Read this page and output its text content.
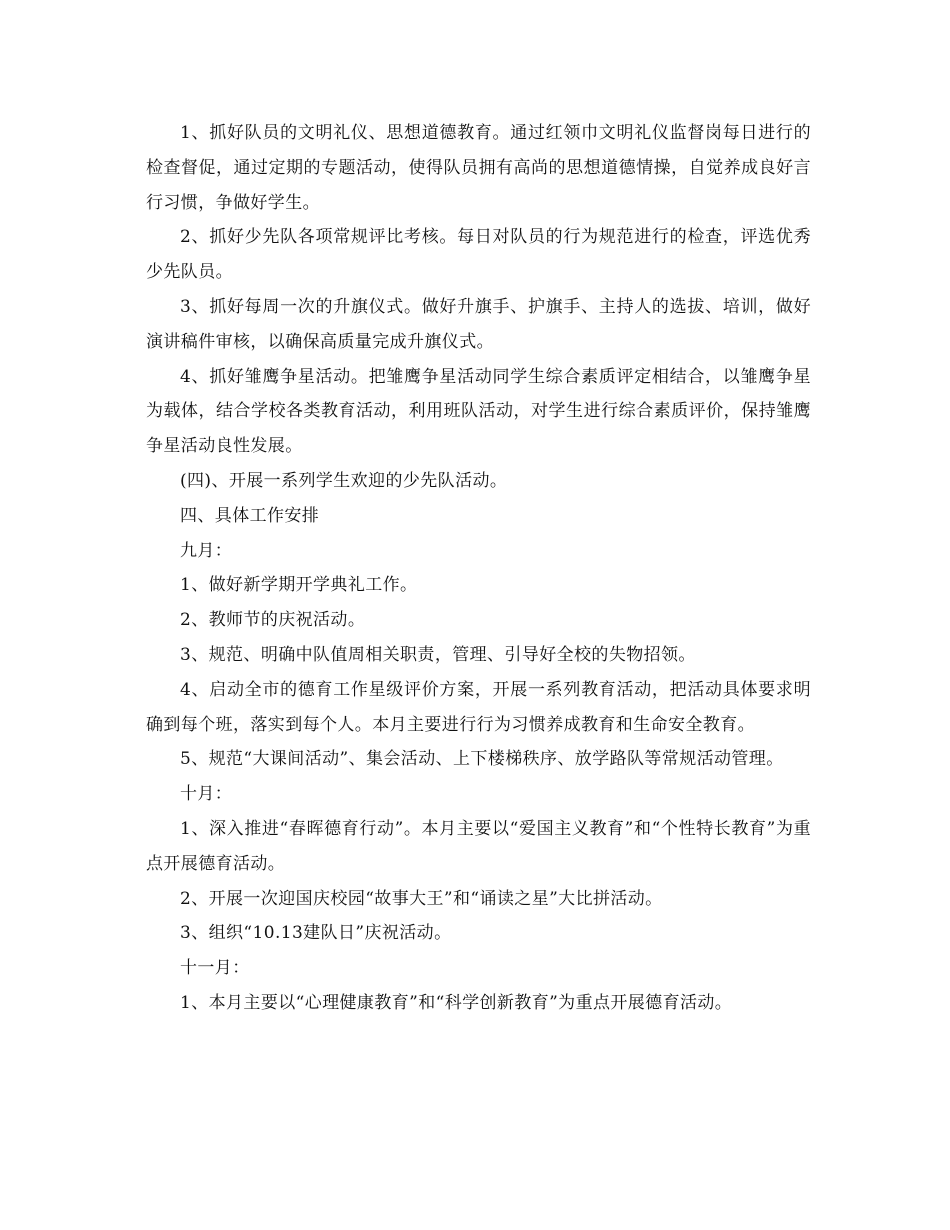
1、抓好队员的文明礼仪、思想道德教育。通过红领巾文明礼仪监督岗每日进行的检查督促，通过定期的专题活动，使得队员拥有高尚的思想道德情操，自觉养成良好言行习惯，争做好学生。

2、抓好少先队各项常规评比考核。每日对队员的行为规范进行的检查，评选优秀少先队员。

3、抓好每周一次的升旗仪式。做好升旗手、护旗手、主持人的选拔、培训，做好演讲稿件审核，以确保高质量完成升旗仪式。

4、抓好雏鹰争星活动。把雏鹰争星活动同学生综合素质评定相结合，以雏鹰争星为载体，结合学校各类教育活动，利用班队活动，对学生进行综合素质评价，保持雏鹰争星活动良性发展。

(四)、开展一系列学生欢迎的少先队活动。

四、具体工作安排

九月：

1、做好新学期开学典礼工作。

2、教师节的庆祝活动。

3、规范、明确中队值周相关职责，管理、引导好全校的失物招领。

4、启动全市的德育工作星级评价方案，开展一系列教育活动，把活动具体要求明确到每个班，落实到每个人。本月主要进行行为习惯养成教育和生命安全教育。

5、规范“大课间活动”、集会活动、上下楼梯秩序、放学路队等常规活动管理。

十月：

1、深入推进“春晖德育行动”。本月主要以“爱国主义教育”和“个性特长教育”为重点开展德育活动。

2、开展一次迎国庆校园“故事大王”和“诵读之星”大比拼活动。

3、组织“10.13建队日”庆祝活动。

十一月：

1、本月主要以“心理健康教育”和“科学创新教育”为重点开展德育活动。
